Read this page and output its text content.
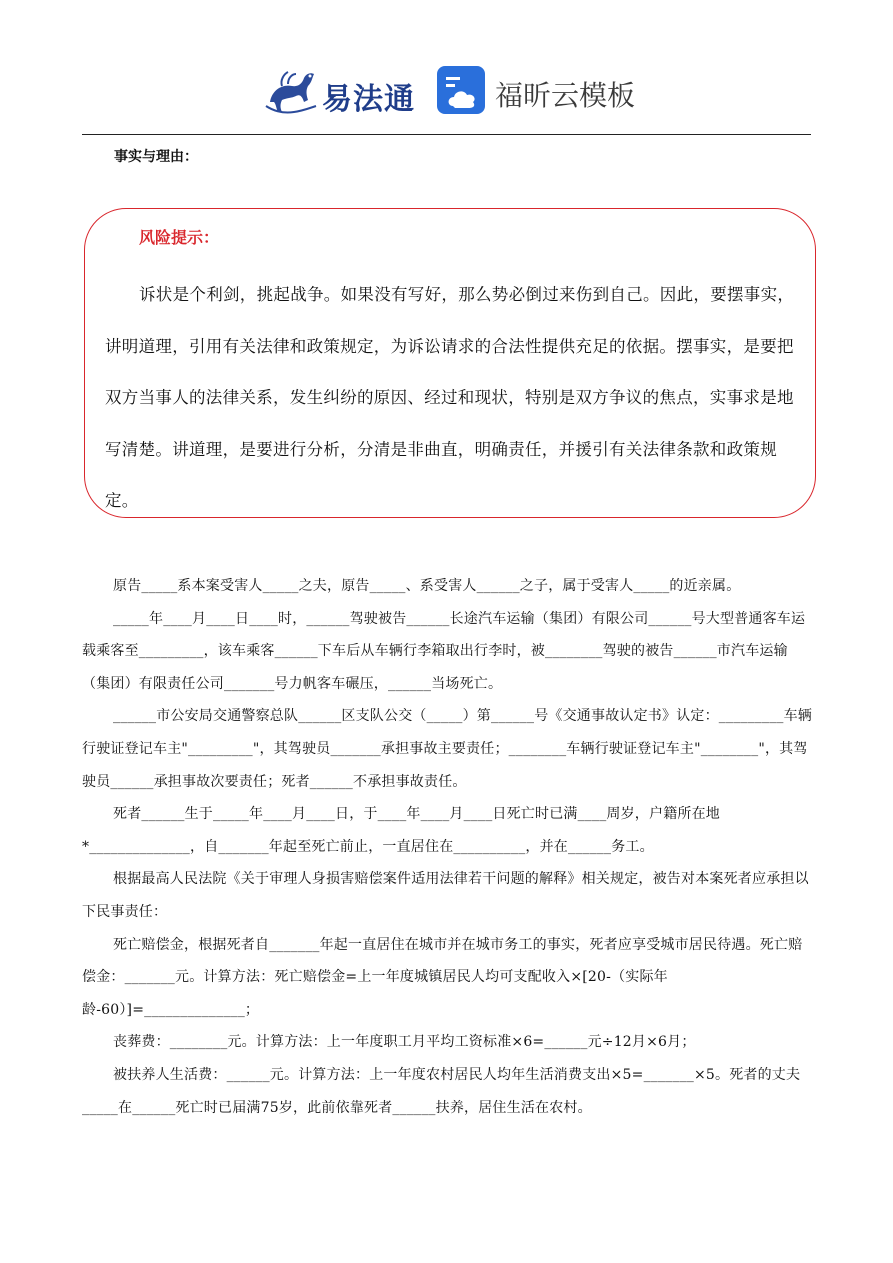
易法通	福昕云模板
事实与理由：
风险提示：

诉状是个利剑，挑起战争。如果没有写好，那么势必倒过来伤到自己。因此，要摆事实，讲明道理，引用有关法律和政策规定，为诉讼请求的合法性提供充足的依据。摆事实，是要把双方当事人的法律关系，发生纠纷的原因、经过和现状，特别是双方争议的焦点，实事求是地写清楚。讲道理，是要进行分析，分清是非曲直，明确责任，并援引有关法律条款和政策规定。

原告_____系本案受害人_____之夫，原告_____、系受害人______之子，属于受害人_____的近亲属。

_____年____月____日____时，______驾驶被告______长途汽车运输（集团）有限公司______号大型普通客车运载乘客至_________，该车乘客______下车后从车辆行李箱取出行李时，被________驾驶的被告______市汽车运输（集团）有限责任公司_______号力帆客车碾压，______当场死亡。

______市公安局交通警察总队______区支队公交（_____）第______号《交通事故认定书》认定：_________车辆行驶证登记车主"_________"，其驾驶员_______承担事故主要责任；________车辆行驶证登记车主"________"，其驾驶员______承担事故次要责任；死者______不承担事故责任。

死者______生于_____年____月____日，于____年____月____日死亡时已满____周岁，户籍所在地*______________，自_______年起至死亡前止，一直居住在__________，并在______务工。

根据最高人民法院《关于审理人身损害赔偿案件适用法律若干问题的解释》相关规定，被告对本案死者应承担以下民事责任：

死亡赔偿金，根据死者自_______年起一直居住在城市并在城市务工的事实，死者应享受城市居民待遇。死亡赔偿金：_______元。计算方法：死亡赔偿金=上一年度城镇居民人均可支配收入×[20-（实际年龄-60）]=______________；

丧葬费：________元。计算方法：上一年度职工月平均工资标准×6=______元÷12月×6月；

被扶养人生活费：______元。计算方法：上一年度农村居民人均年生活消费支出×5=_______×5。死者的丈夫_____在______死亡时已届满75岁，此前依靠死者______扶养，居住生活在农村。
